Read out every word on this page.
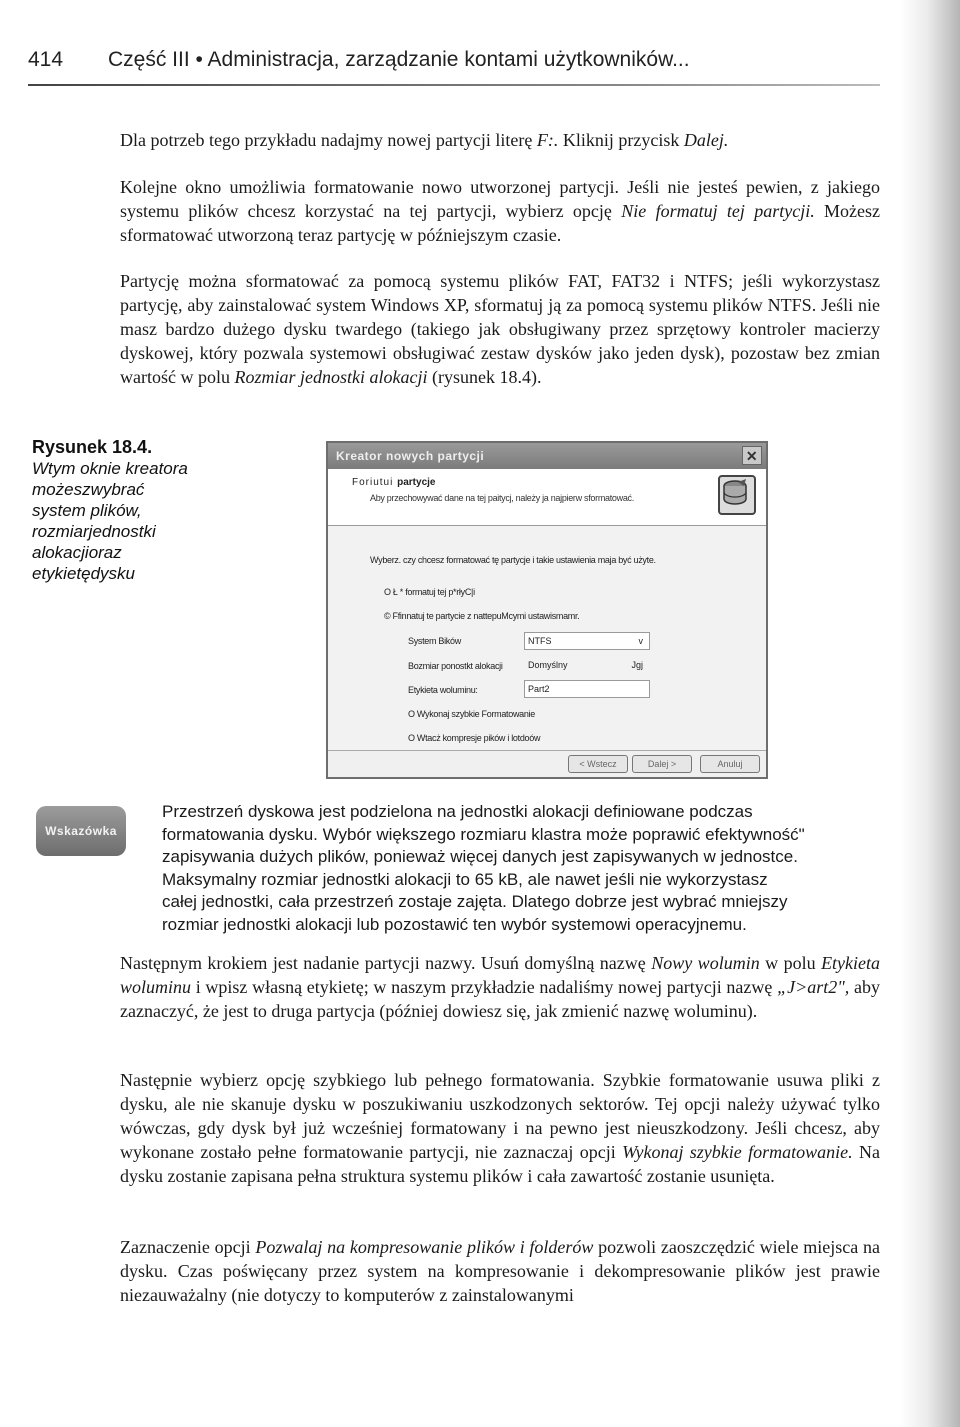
414 Część III • Administracja, zarządzanie kontami użytkowników...
Dla potrzeb tego przykładu nadajmy nowej partycji literę F:. Kliknij przycisk Dalej.
Kolejne okno umożliwia formatowanie nowo utworzonej partycji. Jeśli nie jesteś pewien, z jakiego systemu plików chcesz korzystać na tej partycji, wybierz opcję Nie formatuj tej partycji. Możesz sformatować utworzoną teraz partycję w późniejszym czasie.
Partycję można sformatować za pomocą systemu plików FAT, FAT32 i NTFS; jeśli wykorzystasz partycję, aby zainstalować system Windows XP, sformatuj ją za pomocą systemu plików NTFS. Jeśli nie masz bardzo dużego dysku twardego (takiego jak obsługiwany przez sprzętowy kontroler macierzy dyskowej, który pozwala systemowi obsługiwać zestaw dysków jako jeden dysk), pozostaw bez zmian wartość w polu Rozmiar jednostki alokacji (rysunek 18.4).
Rysunek 18.4.
Wtym oknie kreatora możeszwybrać system plików, rozmiarjednostki alokacjioraz etykietędysku
Kreator nowych partycji	✕
Foriutui partycje
Aby przechowywać dane na tej paitycj, należy ja najpierw sformatować.
Wyberz. czy chcesz formatować tę partycje i takie ustawienia maja być użyte.
O Ł * formatuj tej p*rłyC|i
© Ffinnatuj te partycie z nattepuMcymi ustawismamr.
System Bików	NTFS	v
Bozmiar ponostkt alokacji	Domyślny	Jgj
Etykieta woluminu:	Part2
O Wykonaj szybkie Formatowanie
O Wtacż kompresje pików i lotdoów
< Wstecz	Dalej >	Anuluj
Wskazówka
Przestrzeń dyskowa jest podzielona na jednostki alokacji definiowane podczas
formatowania dysku. Wybór większego rozmiaru klastra może poprawić efektywność"
zapisywania dużych plików, ponieważ więcej danych jest zapisywanych w jednostce.
Maksymalny rozmiar jednostki alokacji to 65 kB, ale nawet jeśli nie wykorzystasz
całej jednostki, cała przestrzeń zostaje zajęta. Dlatego dobrze jest wybrać mniejszy
rozmiar jednostki alokacji lub pozostawić ten wybór systemowi operacyjnemu.
Następnym krokiem jest nadanie partycji nazwy. Usuń domyślną nazwę Nowy wolumin w polu Etykieta woluminu i wpisz własną etykietę; w naszym przykładzie nadaliśmy nowej partycji nazwę „J>art2", aby zaznaczyć, że jest to druga partycja (później dowiesz się, jak zmienić nazwę woluminu).
Następnie wybierz opcję szybkiego lub pełnego formatowania. Szybkie formatowanie usuwa pliki z dysku, ale nie skanuje dysku w poszukiwaniu uszkodzonych sektorów. Tej opcji należy używać tylko wówczas, gdy dysk był już wcześniej formatowany i na pewno jest nieuszkodzony. Jeśli chcesz, aby wykonane zostało pełne formatowanie partycji, nie zaznaczaj opcji Wykonaj szybkie formatowanie. Na dysku zostanie zapisana pełna struktura systemu plików i cała zawartość zostanie usunięta.
Zaznaczenie opcji Pozwalaj na kompresowanie plików i folderów pozwoli zaoszczędzić wiele miejsca na dysku. Czas poświęcany przez system na kompresowanie i dekompresowanie plików jest prawie niezauważalny (nie dotyczy to komputerów z zainstalowanymi
